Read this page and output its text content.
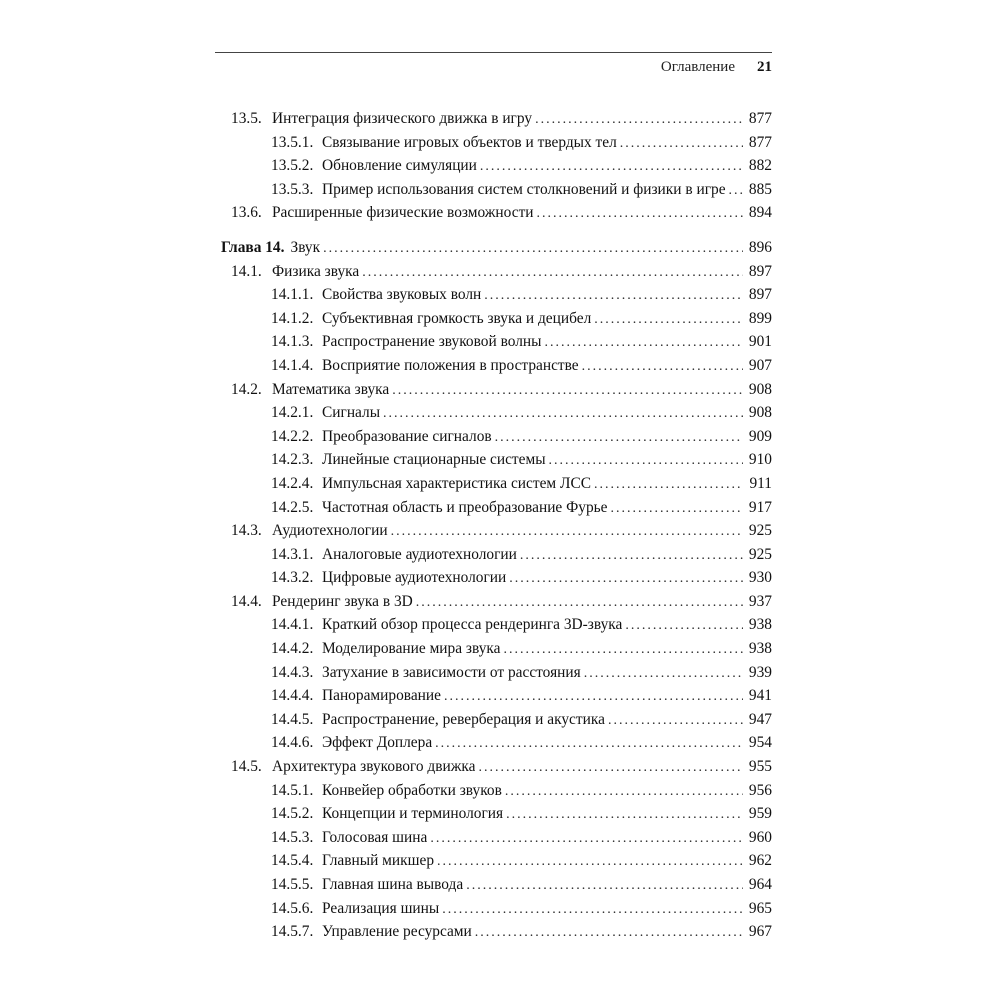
Оглавление 21
13.5. Интеграция физического движка в игру .....	877
13.5.1. Связывание игровых объектов и твердых тел .....	877
13.5.2. Обновление симуляции .....	882
13.5.3. Пример использования систем столкновений и физики в игре ..... 885
13.6. Расширенные физические возможности .....	894
Глава 14. Звук .....	896
14.1. Физика звука .....	897
14.1.1. Свойства звуковых волн .....	897
14.1.2. Субъективная громкость звука и децибел .....	899
14.1.3. Распространение звуковой волны .....	901
14.1.4. Восприятие положения в пространстве .....	907
14.2. Математика звука .....	908
14.2.1. Сигналы .....	908
14.2.2. Преобразование сигналов .....	909
14.2.3. Линейные стационарные системы .....	910
14.2.4. Импульсная характеристика систем ЛСС .....	911
14.2.5. Частотная область и преобразование Фурье .....	917
14.3. Аудиотехнологии .....	925
14.3.1. Аналоговые аудиотехнологии .....	925
14.3.2. Цифровые аудиотехнологии .....	930
14.4. Рендеринг звука в 3D .....	937
14.4.1. Краткий обзор процесса рендеринга 3D-звука .....	938
14.4.2. Моделирование мира звука .....	938
14.4.3. Затухание в зависимости от расстояния .....	939
14.4.4. Панорамирование .....	941
14.4.5. Распространение, реверберация и акустика .....	947
14.4.6. Эффект Доплера .....	954
14.5. Архитектура звукового движка .....	955
14.5.1. Конвейер обработки звуков .....	956
14.5.2. Концепции и терминология .....	959
14.5.3. Голосовая шина .....	960
14.5.4. Главный микшер .....	962
14.5.5. Главная шина вывода .....	964
14.5.6. Реализация шины .....	965
14.5.7. Управление ресурсами .....	967
